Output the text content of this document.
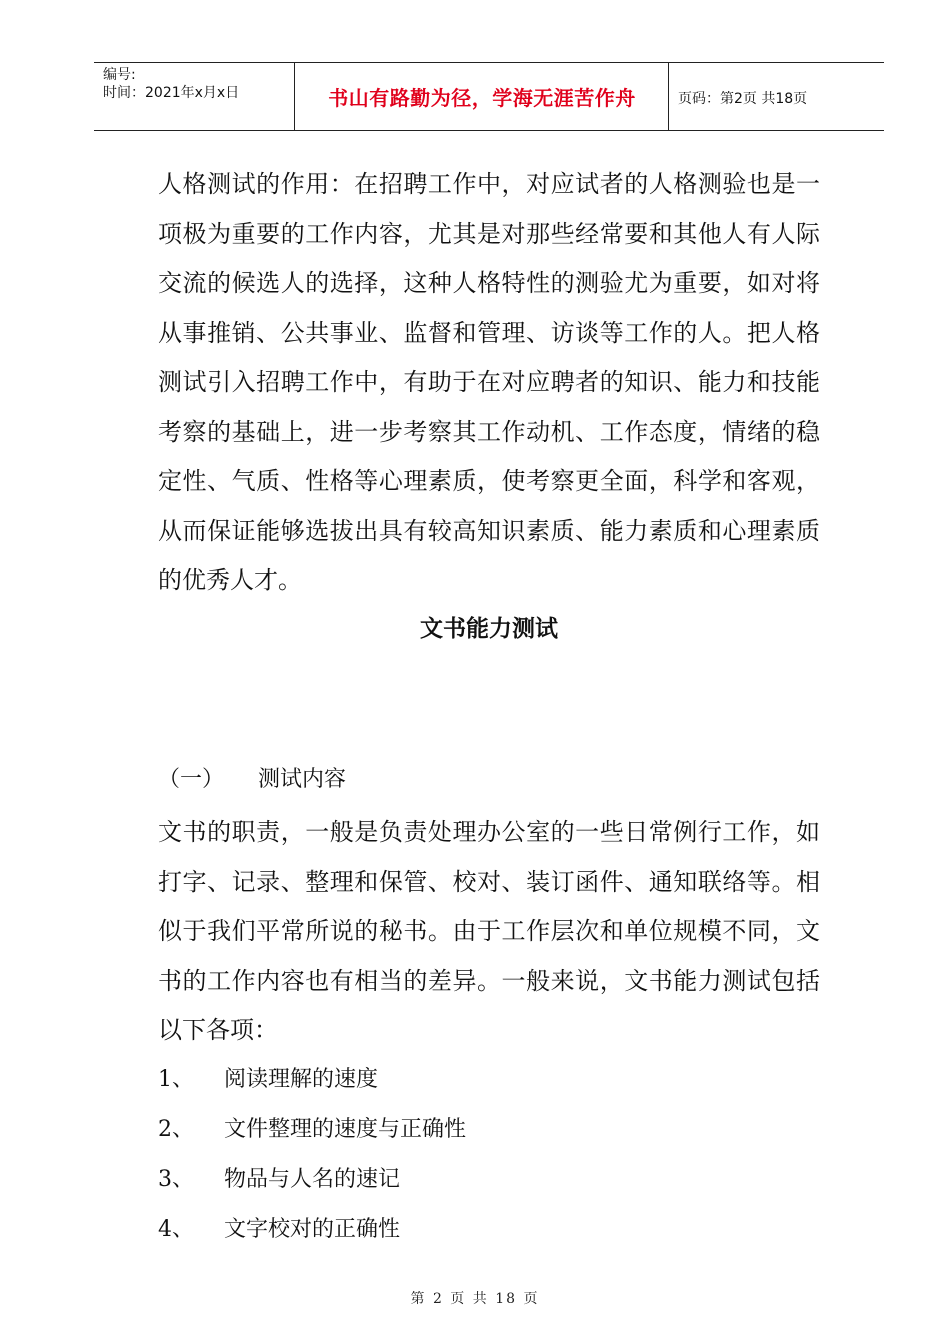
编号:
时间：2021年x月x日	书山有路勤为径，学海无涯苦作舟	页码：第2页 共18页
人格测试的作用：在招聘工作中，对应试者的人格测验也是一项极为重要的工作内容，尤其是对那些经常要和其他人有人际交流的候选人的选择，这种人格特性的测验尤为重要，如对将从事推销、公共事业、监督和管理、访谈等工作的人。把人格测试引入招聘工作中，有助于在对应聘者的知识、能力和技能考察的基础上，进一步考察其工作动机、工作态度，情绪的稳定性、气质、性格等心理素质，使考察更全面，科学和客观，从而保证能够选拔出具有较高知识素质、能力素质和心理素质的优秀人才。
文书能力测试
（一） 测试内容
文书的职责，一般是负责处理办公室的一些日常例行工作，如打字、记录、整理和保管、校对、装订函件、通知联络等。相似于我们平常所说的秘书。由于工作层次和单位规模不同，文书的工作内容也有相当的差异。一般来说，文书能力测试包括以下各项：
1、 阅读理解的速度
2、 文件整理的速度与正确性
3、 物品与人名的速记
4、 文字校对的正确性
第 2 页 共 18 页
